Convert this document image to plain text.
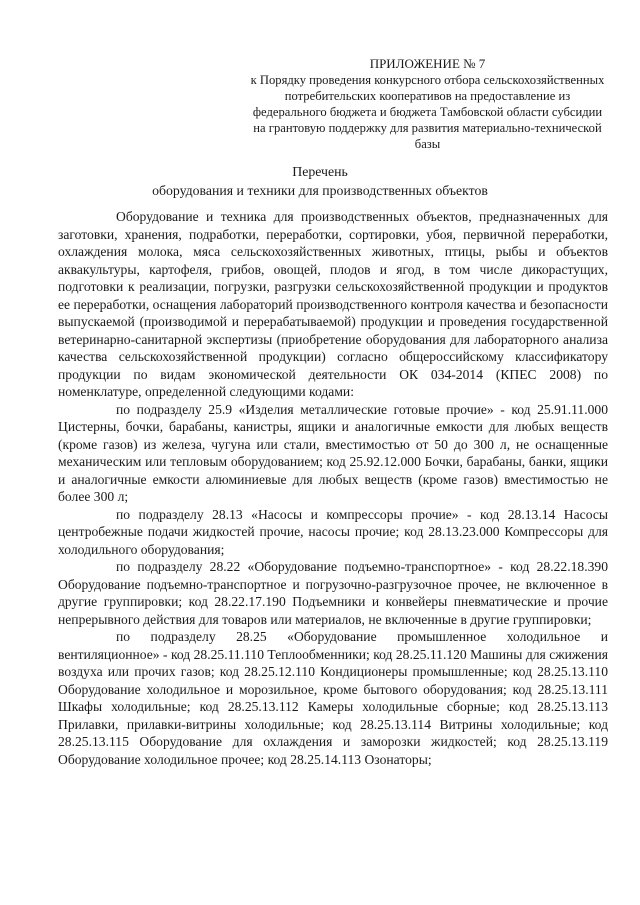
ПРИЛОЖЕНИЕ № 7
к Порядку проведения конкурсного отбора сельскохозяйственных потребительских кооперативов на предоставление из федерального бюджета и бюджета Тамбовской области субсидии на грантовую поддержку для развития материально-технической базы
Перечень
оборудования и техники для производственных объектов

Оборудование и техника для производственных объектов, предназначенных для заготовки, хранения, подработки, переработки, сортировки, убоя, первичной переработки, охлаждения молока, мяса сельскохозяйственных животных, птицы, рыбы и объектов аквакультуры, картофеля, грибов, овощей, плодов и ягод, в том числе дикорастущих, подготовки к реализации, погрузки, разгрузки сельскохозяйственной продукции и продуктов ее переработки, оснащения лабораторий производственного контроля качества и безопасности выпускаемой (производимой и перерабатываемой) продукции и проведения государственной ветеринарно-санитарной экспертизы (приобретение оборудования для лабораторного анализа качества сельскохозяйственной продукции) согласно общероссийскому классификатору продукции по видам экономической деятельности ОК 034-2014 (КПЕС 2008) по номенклатуре, определенной следующими кодами:

по подразделу 25.9 «Изделия металлические готовые прочие» - код 25.91.11.000 Цистерны, бочки, барабаны, канистры, ящики и аналогичные емкости для любых веществ (кроме газов) из железа, чугуна или стали, вместимостью от 50 до 300 л, не оснащенные механическим или тепловым оборудованием; код 25.92.12.000 Бочки, барабаны, банки, ящики и аналогичные емкости алюминиевые для любых веществ (кроме газов) вместимостью не более 300 л;

по подразделу 28.13 «Насосы и компрессоры прочие» - код 28.13.14 Насосы центробежные подачи жидкостей прочие, насосы прочие; код 28.13.23.000 Компрессоры для холодильного оборудования;

по подразделу 28.22 «Оборудование подъемно-транспортное» - код 28.22.18.390 Оборудование подъемно-транспортное и погрузочно-разгрузочное прочее, не включенное в другие группировки; код 28.22.17.190 Подъемники и конвейеры пневматические и прочие непрерывного действия для товаров или материалов, не включенные в другие группировки;

по подразделу 28.25 «Оборудование промышленное холодильное и вентиляционное» - код 28.25.11.110 Теплообменники; код 28.25.11.120 Машины для сжижения воздуха или прочих газов; код 28.25.12.110 Кондиционеры промышленные; код 28.25.13.110 Оборудование холодильное и морозильное, кроме бытового оборудования; код 28.25.13.111 Шкафы холодильные; код 28.25.13.112 Камеры холодильные сборные; код 28.25.13.113 Прилавки, прилавки-витрины холодильные; код 28.25.13.114 Витрины холодильные; код 28.25.13.115 Оборудование для охлаждения и заморозки жидкостей; код 28.25.13.119 Оборудование холодильное прочее; код 28.25.14.113 Озонаторы;
